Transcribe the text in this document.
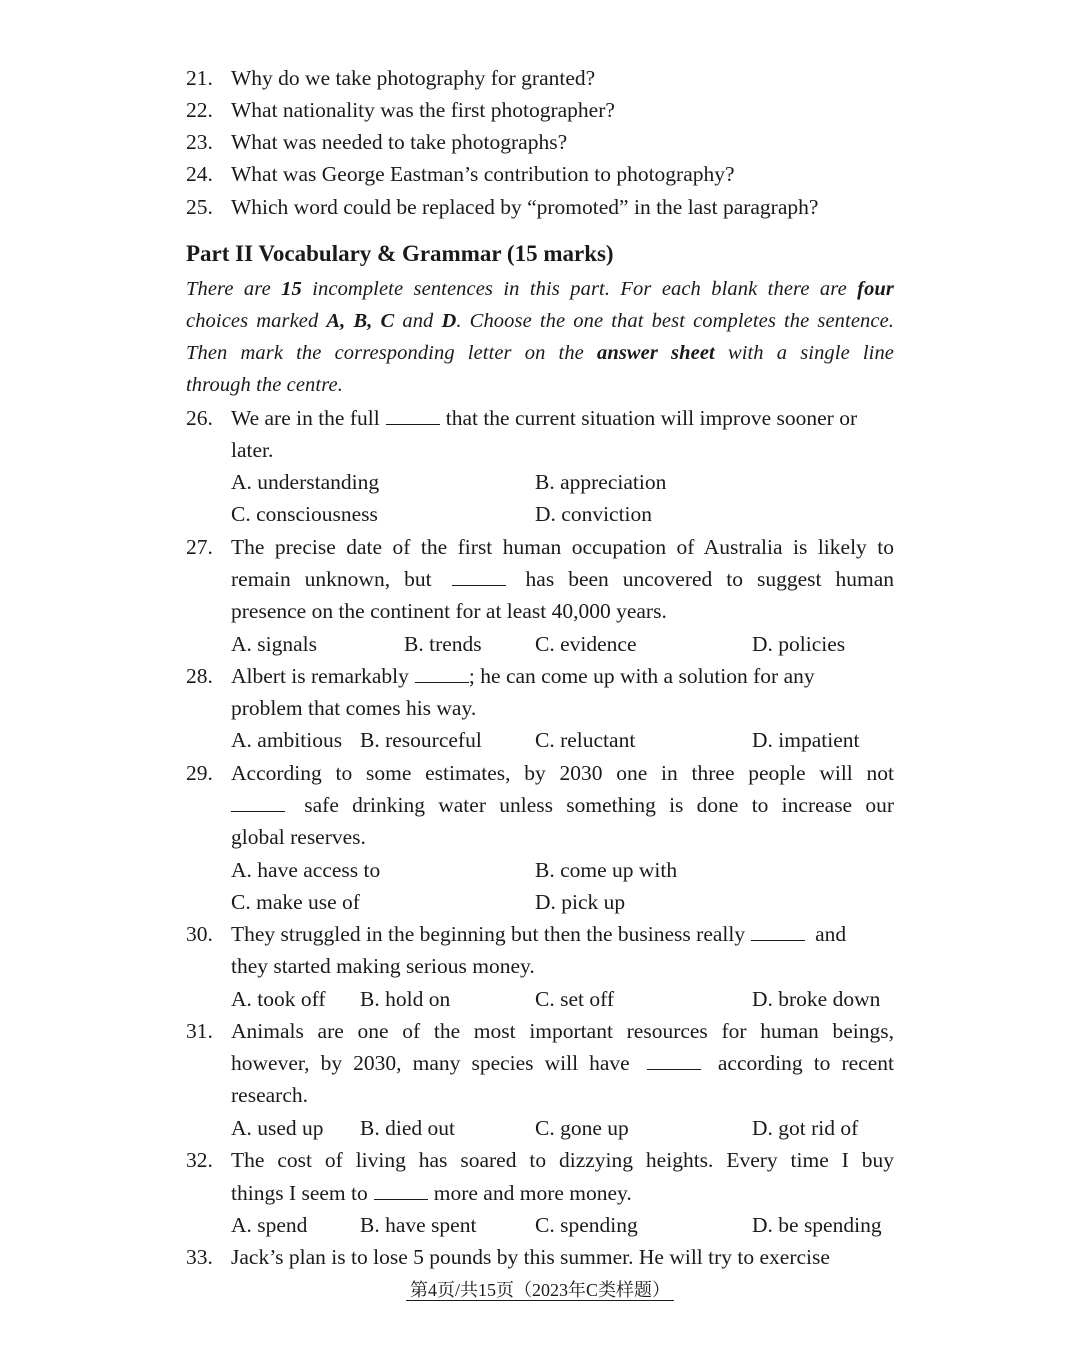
21. Why do we take photography for granted?
22. What nationality was the first photographer?
23. What was needed to take photographs?
24. What was George Eastman’s contribution to photography?
25. Which word could be replaced by “promoted” in the last paragraph?
Part II Vocabulary & Grammar (15 marks)
There are 15 incomplete sentences in this part. For each blank there are four
choices marked A, B, C and D. Choose the one that best completes the sentence.
Then mark the corresponding letter on the answer sheet with a single line
through the centre.
26. We are in the full	that the current situation will improve sooner or
later.
A. understanding	B. appreciation
C. consciousness	D. conviction
27. The precise date of the first human occupation of Australia is likely to
remain unknown, but	has been uncovered to suggest human
presence on the continent for at least 40,000 years.
A. signals	B. trends C. evidence	D. policies
28. Albert is remarkably	; he can come up with a solution for any
problem that comes his way.
A. ambitious B. resourceful C. reluctant	D. impatient
29. According to some estimates, by 2030 one in three people will not
safe drinking water unless something is done to increase our
global reserves.
A. have access to	B. come up with
C. make use of	D. pick up
30. They struggled in the beginning but then the business really	and
they started making serious money.
A. took off B. hold on	C. set off	D. broke down
31. Animals are one of the most important resources for human beings,
however, by 2030, many species will have	according to recent
research.
A. used up B. died out	C. gone up	D. got rid of
32. The cost of living has soared to dizzying heights. Every time I buy
things I seem to	more and more money.
A. spend B. have spent	C. spending	D. be spending
33. Jack’s plan is to lose 5 pounds by this summer. He will try to exercise
第4页/共15页（2023年C类样题）
